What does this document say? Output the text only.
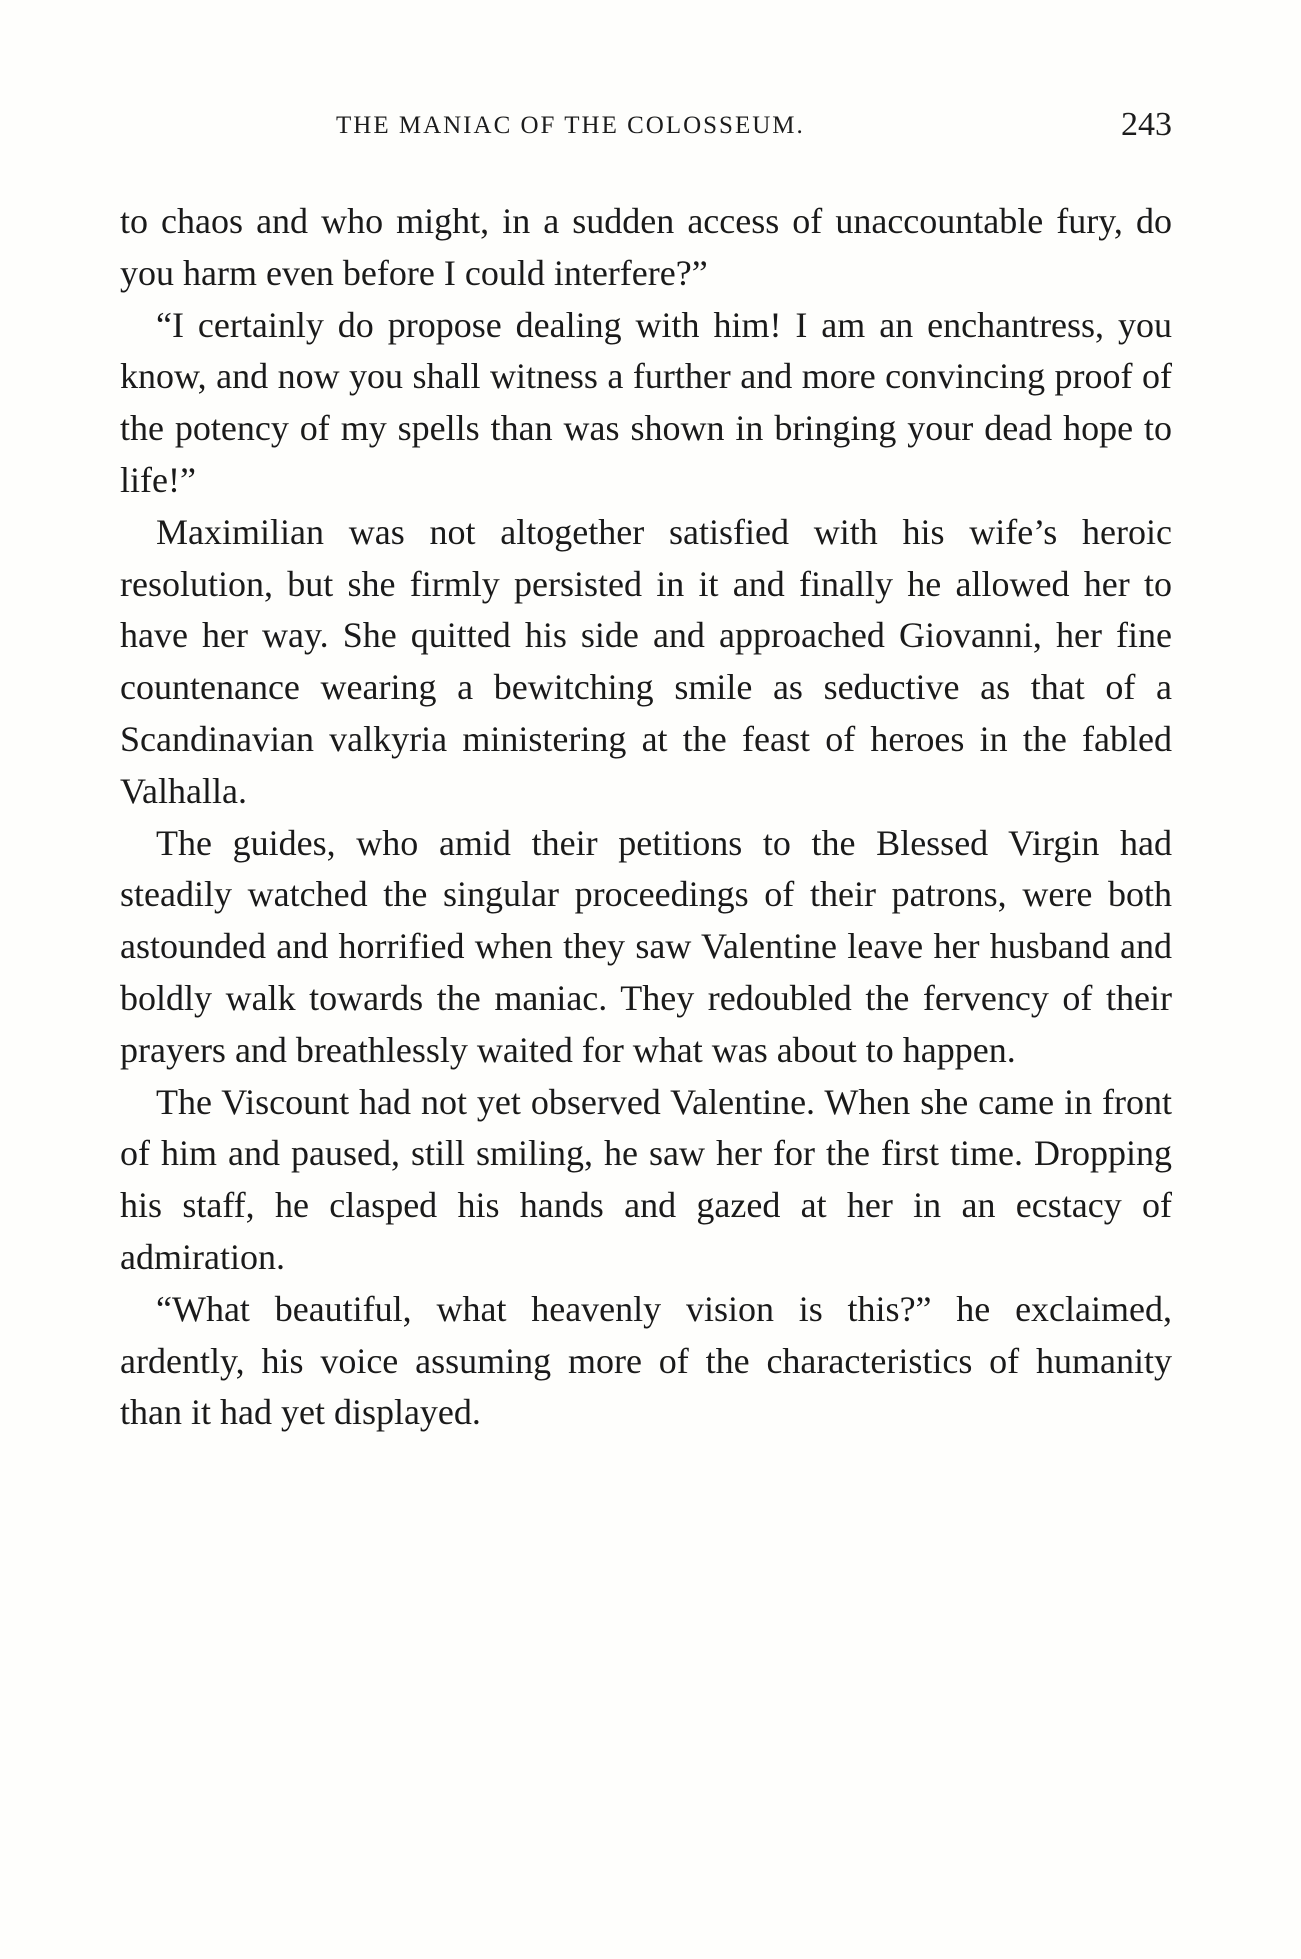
THE MANIAC OF THE COLOSSEUM.	243

to chaos and who might, in a sudden access of unaccountable fury, do you harm even before I could interfere?”

“I certainly do propose dealing with him! I am an enchantress, you know, and now you shall witness a further and more convincing proof of the potency of my spells than was shown in bringing your dead hope to life!”

Maximilian was not altogether satisfied with his wife’s heroic resolution, but she firmly persisted in it and finally he allowed her to have her way. She quitted his side and approached Giovanni, her fine countenance wearing a bewitching smile as seductive as that of a Scandinavian valkyria ministering at the feast of heroes in the fabled Valhalla.

The guides, who amid their petitions to the Blessed Virgin had steadily watched the singular proceedings of their patrons, were both astounded and horrified when they saw Valentine leave her husband and boldly walk towards the maniac. They redoubled the fervency of their prayers and breathlessly waited for what was about to happen.

The Viscount had not yet observed Valentine. When she came in front of him and paused, still smiling, he saw her for the first time. Dropping his staff, he clasped his hands and gazed at her in an ecstacy of admiration.

“What beautiful, what heavenly vision is this?” he exclaimed, ardently, his voice assuming more of the characteristics of humanity than it had yet displayed.
